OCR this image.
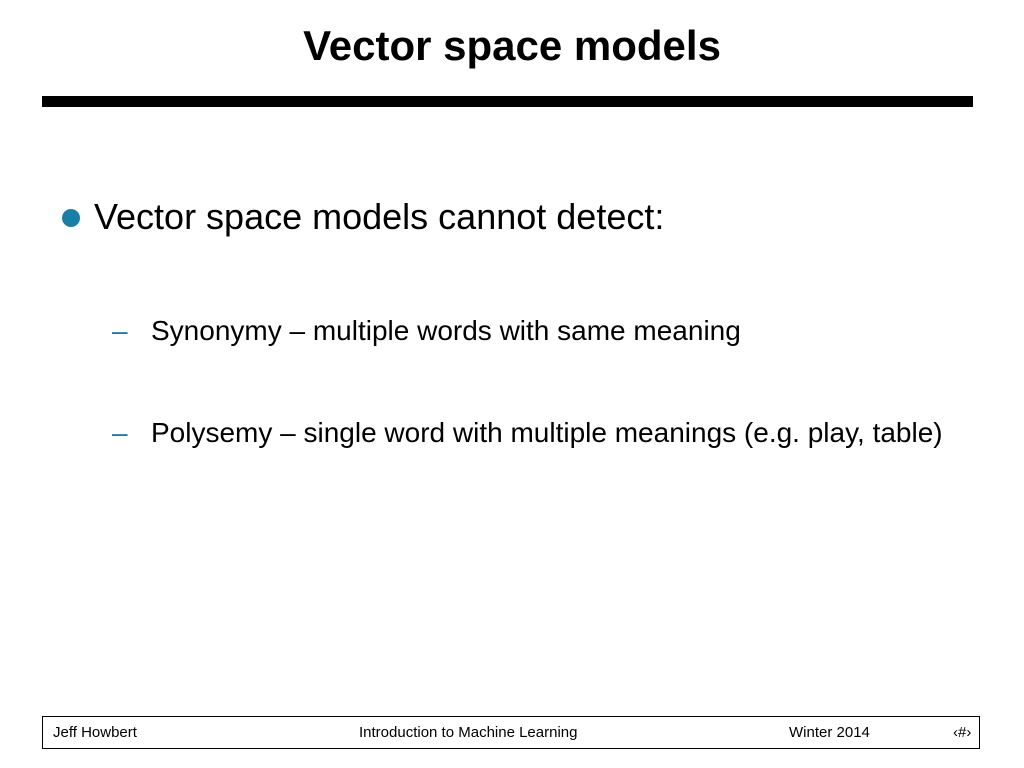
Vector space models
Vector space models cannot detect:
– Synonymy – multiple words with same meaning
– Polysemy – single word with multiple meanings (e.g. play, table)
Jeff Howbert	Introduction to Machine Learning	Winter 2014	‹#›
